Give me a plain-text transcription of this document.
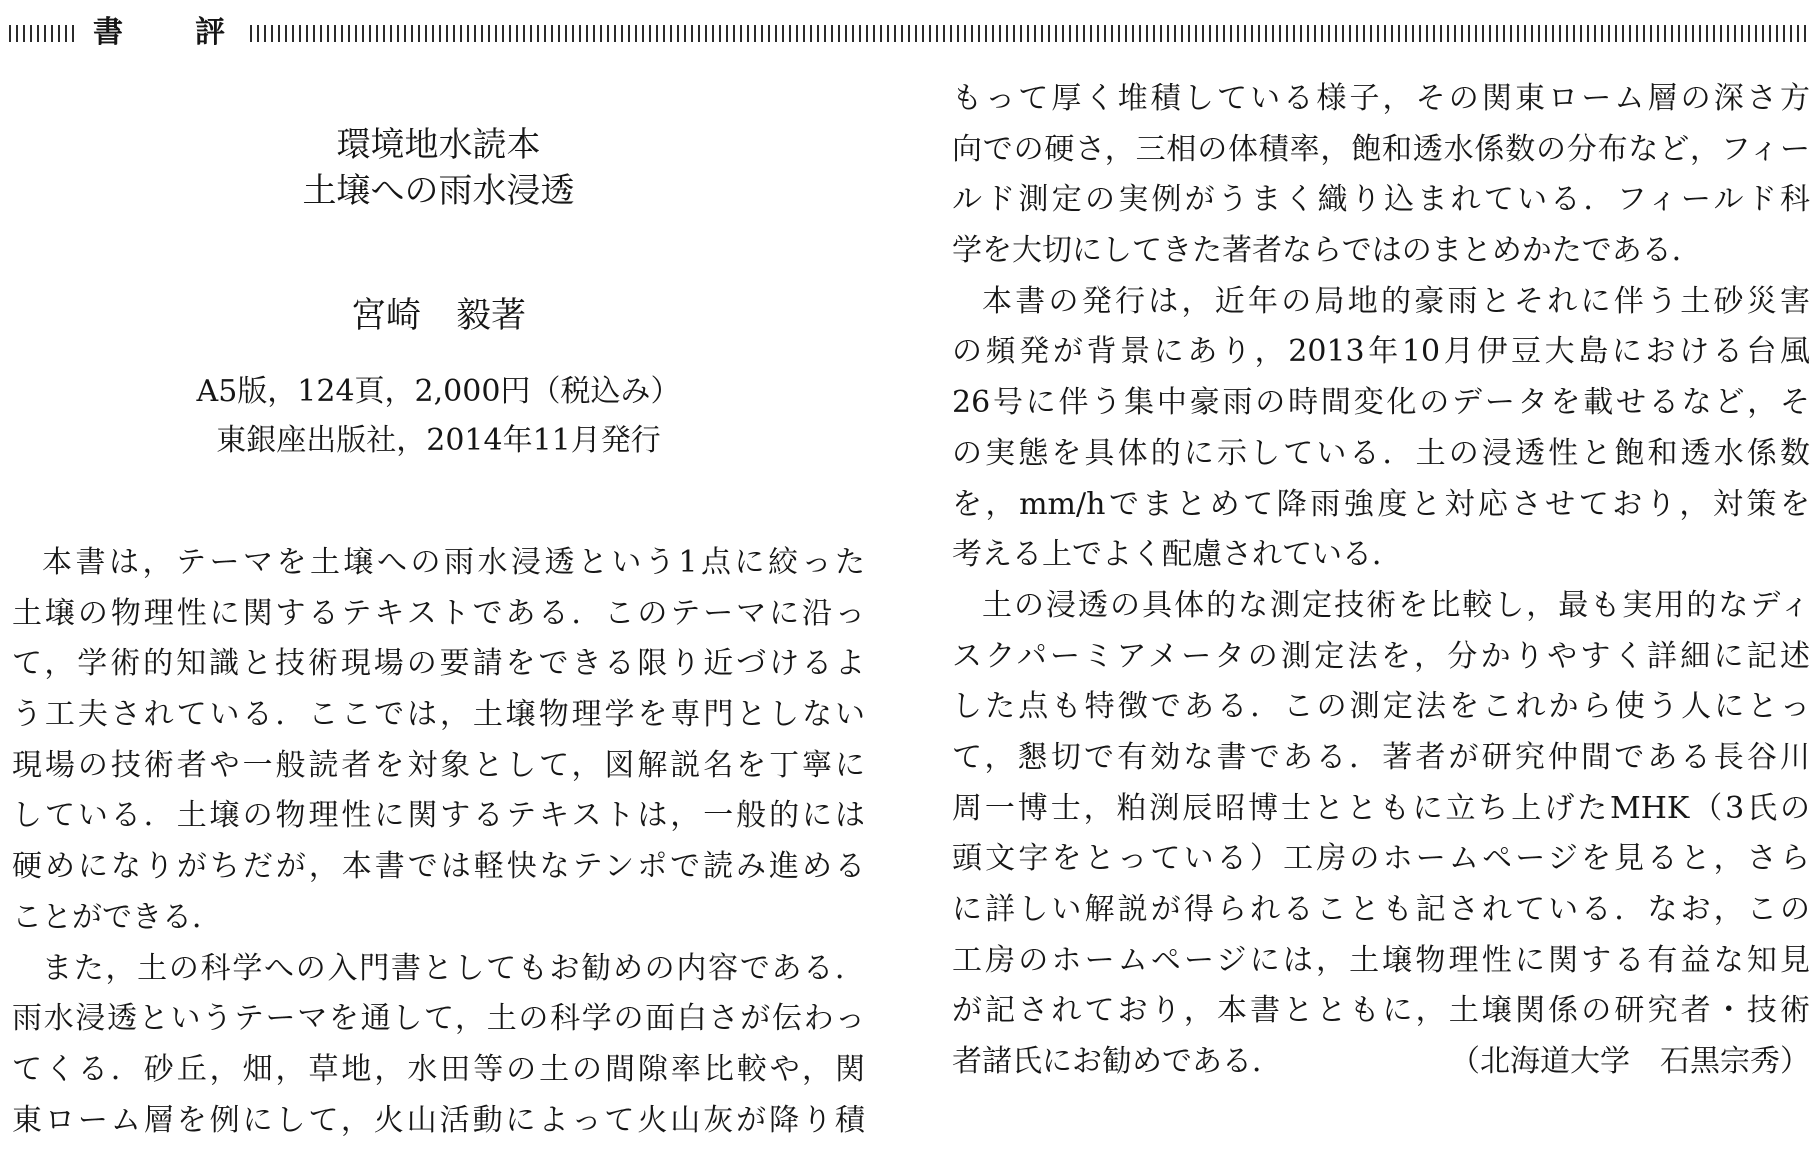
書　評
環境地水読本
土壌への雨水浸透
宮崎　毅著
A5版，124頁，2,000円（税込み）
東銀座出版社，2014年11月発行
本書は，テーマを土壌への雨水浸透という1点に絞った
土壌の物理性に関するテキストである．このテーマに沿っ
て，学術的知識と技術現場の要請をできる限り近づけるよ
う工夫されている．ここでは，土壌物理学を専門としない
現場の技術者や一般読者を対象として，図解説名を丁寧に
している．土壌の物理性に関するテキストは，一般的には
硬めになりがちだが，本書では軽快なテンポで読み進める
ことができる．
また，土の科学への入門書としてもお勧めの内容である．
雨水浸透というテーマを通して，土の科学の面白さが伝わっ
てくる．砂丘，畑，草地，水田等の土の間隙率比較や，関
東ローム層を例にして，火山活動によって火山灰が降り積
もって厚く堆積している様子，その関東ローム層の深さ方
向での硬さ，三相の体積率，飽和透水係数の分布など，フィー
ルド測定の実例がうまく織り込まれている．フィールド科
学を大切にしてきた著者ならではのまとめかたである．
本書の発行は，近年の局地的豪雨とそれに伴う土砂災害
の頻発が背景にあり，2013年10月伊豆大島における台風
26号に伴う集中豪雨の時間変化のデータを載せるなど，そ
の実態を具体的に示している．土の浸透性と飽和透水係数
を，mm/hでまとめて降雨強度と対応させており，対策を
考える上でよく配慮されている．
土の浸透の具体的な測定技術を比較し，最も実用的なディ
スクパーミアメータの測定法を，分かりやすく詳細に記述
した点も特徴である．この測定法をこれから使う人にとっ
て，懇切で有効な書である．著者が研究仲間である長谷川
周一博士，粕渕辰昭博士とともに立ち上げたMHK（3氏の
頭文字をとっている）工房のホームページを見ると，さら
に詳しい解説が得られることも記されている．なお，この
工房のホームページには，土壌物理性に関する有益な知見
が記されており，本書とともに，土壌関係の研究者・技術
者諸氏にお勧めである．	（北海道大学　石黒宗秀）
